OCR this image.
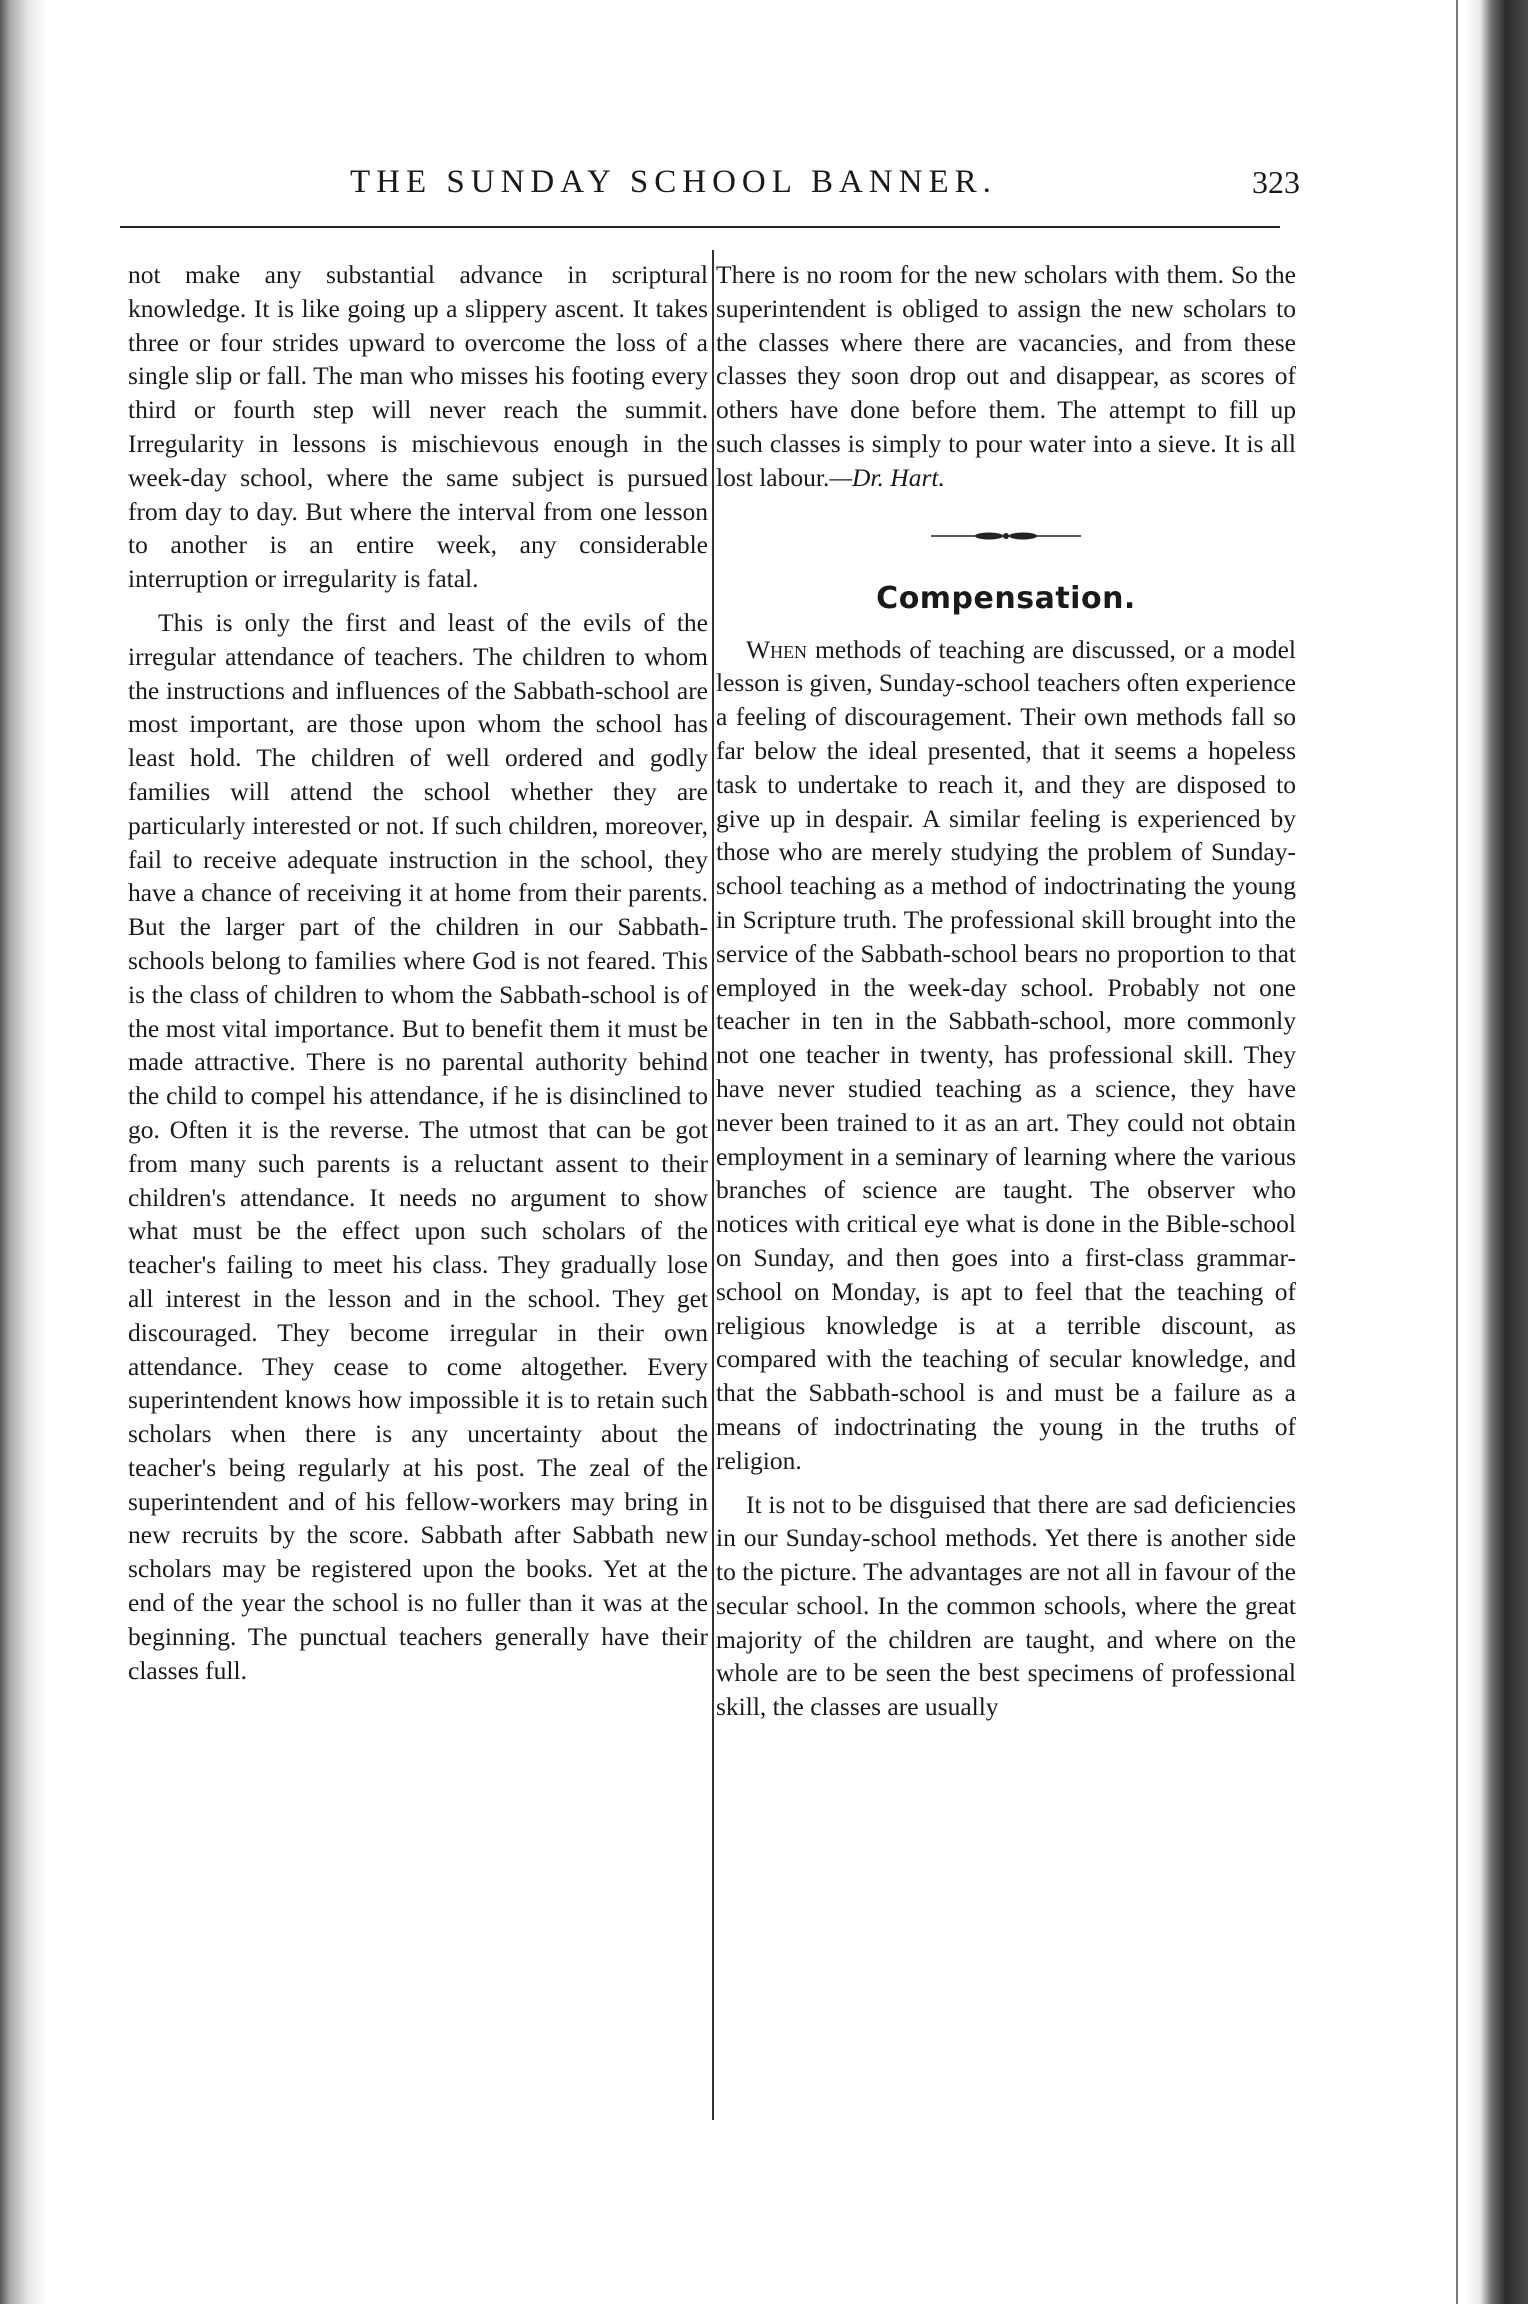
THE SUNDAY SCHOOL BANNER.	323

not make any substantial advance in scriptural knowledge. It is like going up a slippery ascent. It takes three or four strides upward to overcome the loss of a single slip or fall. The man who misses his footing every third or fourth step will never reach the summit. Irregularity in lessons is mischievous enough in the week-day school, where the same subject is pursued from day to day. But where the interval from one lesson to another is an entire week, any considerable interruption or irregularity is fatal.

This is only the first and least of the evils of the irregular attendance of teachers. The children to whom the instructions and influences of the Sabbath-school are most important, are those upon whom the school has least hold. The children of well ordered and godly families will attend the school whether they are particularly interested or not. If such children, moreover, fail to receive adequate instruction in the school, they have a chance of receiving it at home from their parents. But the larger part of the children in our Sabbath-schools belong to families where God is not feared. This is the class of children to whom the Sabbath-school is of the most vital importance. But to benefit them it must be made attractive. There is no parental authority behind the child to compel his attendance, if he is disinclined to go. Often it is the reverse. The utmost that can be got from many such parents is a reluctant assent to their children's attendance. It needs no argument to show what must be the effect upon such scholars of the teacher's failing to meet his class. They gradually lose all interest in the lesson and in the school. They get discouraged. They become irregular in their own attendance. They cease to come altogether. Every superintendent knows how impossible it is to retain such scholars when there is any uncertainty about the teacher's being regularly at his post. The zeal of the superintendent and of his fellow-workers may bring in new recruits by the score. Sabbath after Sabbath new scholars may be registered upon the books. Yet at the end of the year the school is no fuller than it was at the beginning. The punctual teachers generally have their classes full.

There is no room for the new scholars with them. So the superintendent is obliged to assign the new scholars to the classes where there are vacancies, and from these classes they soon drop out and disappear, as scores of others have done before them. The attempt to fill up such classes is simply to pour water into a sieve. It is all lost labour.—Dr. Hart.

Compensation.

When methods of teaching are discussed, or a model lesson is given, Sunday-school teachers often experience a feeling of discouragement. Their own methods fall so far below the ideal presented, that it seems a hopeless task to undertake to reach it, and they are disposed to give up in despair. A similar feeling is experienced by those who are merely studying the problem of Sunday-school teaching as a method of indoctrinating the young in Scripture truth. The professional skill brought into the service of the Sabbath-school bears no proportion to that employed in the week-day school. Probably not one teacher in ten in the Sabbath-school, more commonly not one teacher in twenty, has professional skill. They have never studied teaching as a science, they have never been trained to it as an art. They could not obtain employment in a seminary of learning where the various branches of science are taught. The observer who notices with critical eye what is done in the Bible-school on Sunday, and then goes into a first-class grammar-school on Monday, is apt to feel that the teaching of religious knowledge is at a terrible discount, as compared with the teaching of secular knowledge, and that the Sabbath-school is and must be a failure as a means of indoctrinating the young in the truths of religion.

It is not to be disguised that there are sad deficiencies in our Sunday-school methods. Yet there is another side to the picture. The advantages are not all in favour of the secular school. In the common schools, where the great majority of the children are taught, and where on the whole are to be seen the best specimens of professional skill, the classes are usually
